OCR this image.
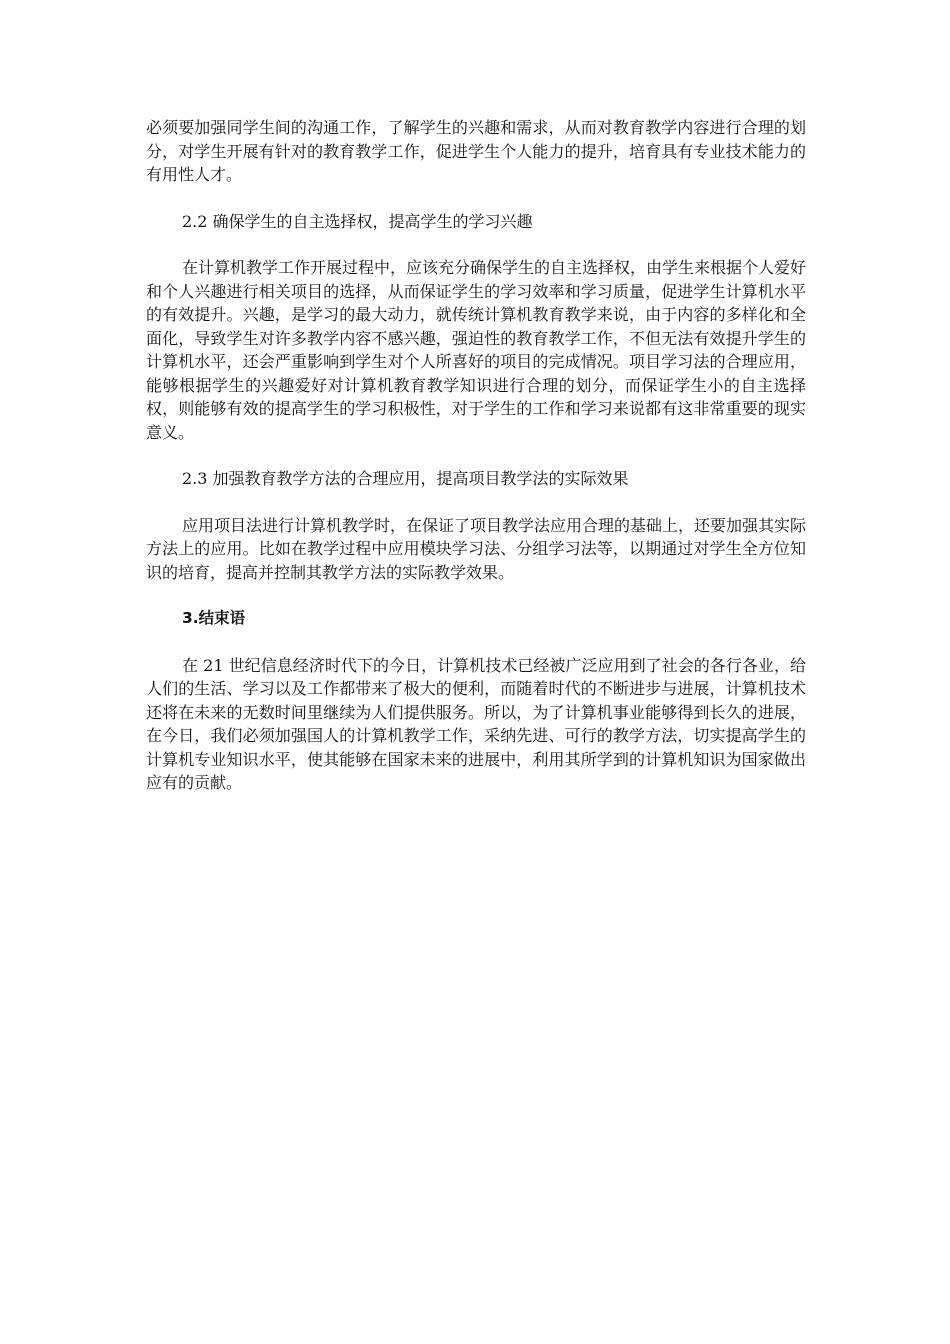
必须要加强同学生间的沟通工作，了解学生的兴趣和需求，从而对教育教学内容进行合理的划分，对学生开展有针对的教育教学工作，促进学生个人能力的提升，培育具有专业技术能力的有用性人才。

2.2 确保学生的自主选择权，提高学生的学习兴趣

在计算机教学工作开展过程中，应该充分确保学生的自主选择权，由学生来根据个人爱好和个人兴趣进行相关项目的选择，从而保证学生的学习效率和学习质量，促进学生计算机水平的有效提升。兴趣，是学习的最大动力，就传统计算机教育教学来说，由于内容的多样化和全面化，导致学生对许多教学内容不感兴趣，强迫性的教育教学工作，不但无法有效提升学生的计算机水平，还会严重影响到学生对个人所喜好的项目的完成情况。项目学习法的合理应用，能够根据学生的兴趣爱好对计算机教育教学知识进行合理的划分，而保证学生小的自主选择权，则能够有效的提高学生的学习积极性，对于学生的工作和学习来说都有这非常重要的现实意义。

2.3 加强教育教学方法的合理应用，提高项目教学法的实际效果

应用项目法进行计算机教学时，在保证了项目教学法应用合理的基础上，还要加强其实际方法上的应用。比如在教学过程中应用模块学习法、分组学习法等，以期通过对学生全方位知识的培育，提高并控制其教学方法的实际教学效果。

3.结束语

在 21 世纪信息经济时代下的今日，计算机技术已经被广泛应用到了社会的各行各业，给人们的生活、学习以及工作都带来了极大的便利，而随着时代的不断进步与进展，计算机技术还将在未来的无数时间里继续为人们提供服务。所以，为了计算机事业能够得到长久的进展，在今日，我们必须加强国人的计算机教学工作，采纳先进、可行的教学方法，切实提高学生的计算机专业知识水平，使其能够在国家未来的进展中，利用其所学到的计算机知识为国家做出应有的贡献。
